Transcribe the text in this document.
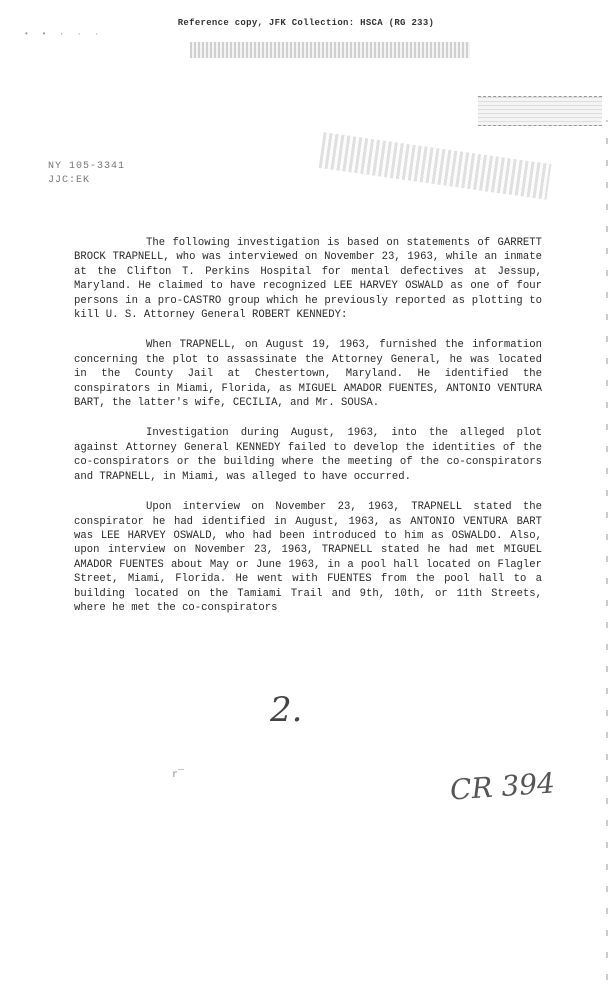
• • · · ·
Reference copy, JFK Collection: HSCA (RG 233)
NY 105-3341
JJC:EK

The following investigation is based on statements of GARRETT BROCK TRAPNELL, who was interviewed on November 23, 1963, while an inmate at the Clifton T. Perkins Hospital for mental defectives at Jessup, Maryland. He claimed to have recognized LEE HARVEY OSWALD as one of four persons in a pro-CASTRO group which he previously reported as plotting to kill U. S. Attorney General ROBERT KENNEDY:

When TRAPNELL, on August 19, 1963, furnished the information concerning the plot to assassinate the Attorney General, he was located in the County Jail at Chestertown, Maryland. He identified the conspirators in Miami, Florida, as MIGUEL AMADOR FUENTES, ANTONIO VENTURA BART, the latter's wife, CECILIA, and Mr. SOUSA.

Investigation during August, 1963, into the alleged plot against Attorney General KENNEDY failed to develop the identities of the co-conspirators or the building where the meeting of the co-conspirators and TRAPNELL, in Miami, was alleged to have occurred.

Upon interview on November 23, 1963, TRAPNELL stated the conspirator he had identified in August, 1963, as ANTONIO VENTURA BART was LEE HARVEY OSWALD, who had been introduced to him as OSWALDO. Also, upon interview on November 23, 1963, TRAPNELL stated he had met MIGUEL AMADOR FUENTES about May or June 1963, in a pool hall located on Flagler Street, Miami, Florida. He went with FUENTES from the pool hall to a building located on the Tamiami Trail and 9th, 10th, or 11th Streets, where he met the co-conspirators

2.
r‾	CR 394
